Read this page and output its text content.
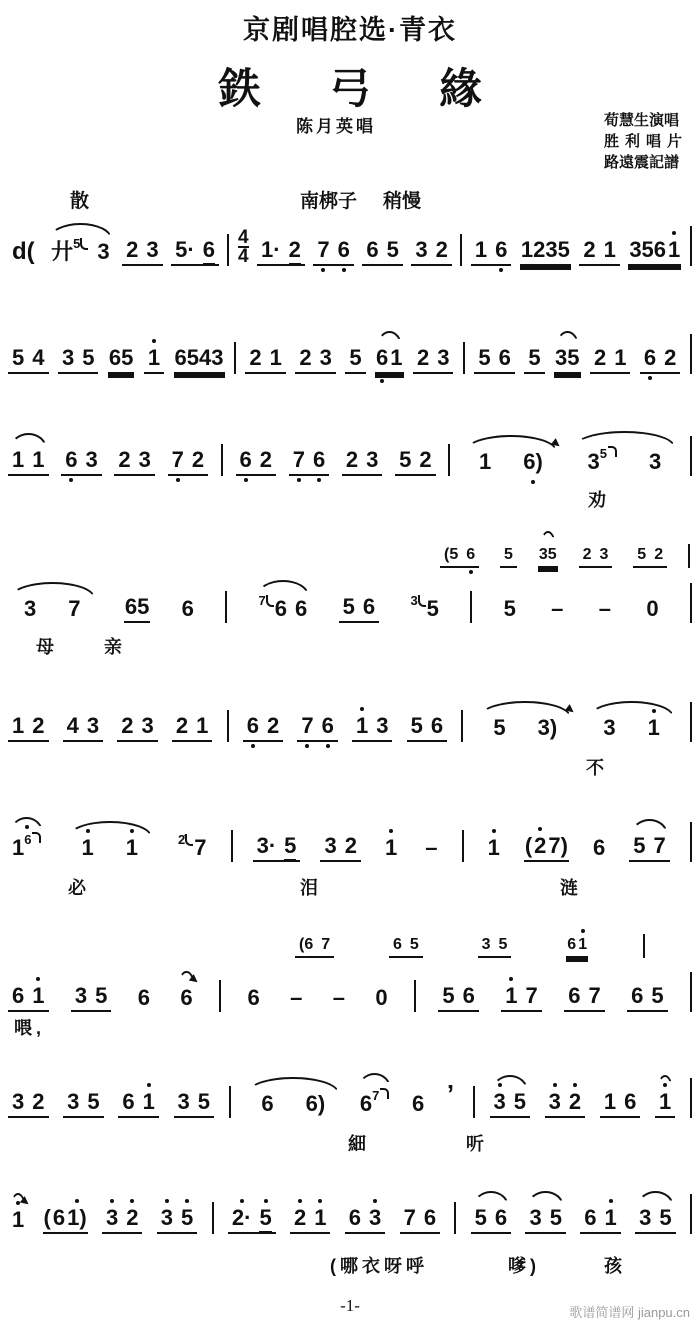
京剧唱腔选·青衣
鉄 弓 緣
陈月英唱	荀慧生演唱
胜利唱片
路遠震記譜
散	南梆子 稍慢
d( 廾$^5$ 3 2 3 $5\cdot 6 \frac{4}{4} 1\cdot 2$ 7 6 6 5 3 2 1 6 1235 2 1 356 1
5 4 3 5 65 1 6543 2 1 2 3 5 6 1 2 3 5 6 5 35 2 1 6 2
1 1 6 3 2 3 7 2 6 2 7 6 2 3 5 2	1	6)	$3^5$	3
劝
(5 6 5 35 2 3 5 2
3	7	65 6	$^7$ 6 6 5 6	$^3$ 5	5 – – 0
母	亲
1 2 4 3 2 3 2 1 6 2 7 6 1 3 5 6	5	3)	3	1
不
$1^6$	1	1	$^{2̇}$ 7 3· 5 3 2 1 – 1 ( 2 7) 6 5 7
必	泪	涟
(6 7	6 5	3 5	6 1
6 1 3 5 6 6 6 – – 0 5 6 1 7 6 7 6 5
喂,
3 2 3 5 6 1 3 5	6	6)	$6^7$	6 ’ 3 5 3 2 1 6 1
細	听
1 ( 6 1) 3 2 3 5 2· 5 2 1 6 3 7 6 5 6 3 5 6 1 3 5
(哪衣呀呼	嗲)	孩
-1-	歌谱简谱网 jianpu.cn
